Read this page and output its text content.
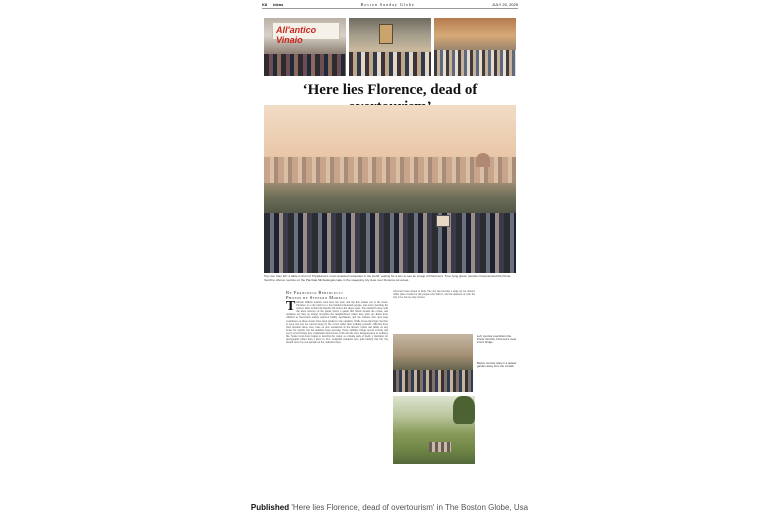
K8 Ideas	Boston Sunday Globe	JULY 20, 2025
All'antico Vinaio
‘Here lies Florence, dead of

Top row, from left: A table in front of Tripadvisor's most reviewed restaurant in the world; waiting for a turn to see an image of Florence's ‘True’ lying ghost; tourists crowd around the Ponte Vecchio. Above: tourists on the Piazzale Michelangelo take in the sweeping city view over Florence at sunset.

By Francesco Bertolucci
Photos by Stefano Morelli
T hirteen million tourists were here last year, and the line snakes out to the street. Florence is a city built for a few hundred thousand people, and every morning the narrow lanes around the Duomo fill before the shops open. The sandwich shop with the most reviews on the planet draws a queue that bends around the corner, and residents say they no longer recognize the neighborhood where they grew up. Rents have climbed as short-term rentals replaced family apartments, and the artisans who once kept workshops on these streets have been pushed to the outskirts. Walk across the Ponte Vecchio at noon and you are carried along by the crowd rather than walking yourself. Officials have tried turnstile ideas, fees, bans on new restaurants in the historic center and limits on key boxes for rentals, but the numbers keep growing. Every summer brings record arrivals and every record brings new complaints about noise, trash and the slow disappearance of ordinary life. Some locals have begun to describe the center as a theme park of itself, a backdrop for photographs rather than a place to live. Longtime residents now joke bitterly that the city should carve its own epitaph on the cathedral steps.
who have been drawn to Italy. The city has become a stage set for visitors rather than a home for the people who built it, and the question of who the city is for has no easy answer.

Left, tourists overwhelm the Ponte Vecchio, Florence's most iconic bridge.

Below, tourists relax in a quieter garden away from the crowds.

Published 'Here lies Florence, dead of overtourism' in The Boston Globe, Usa
